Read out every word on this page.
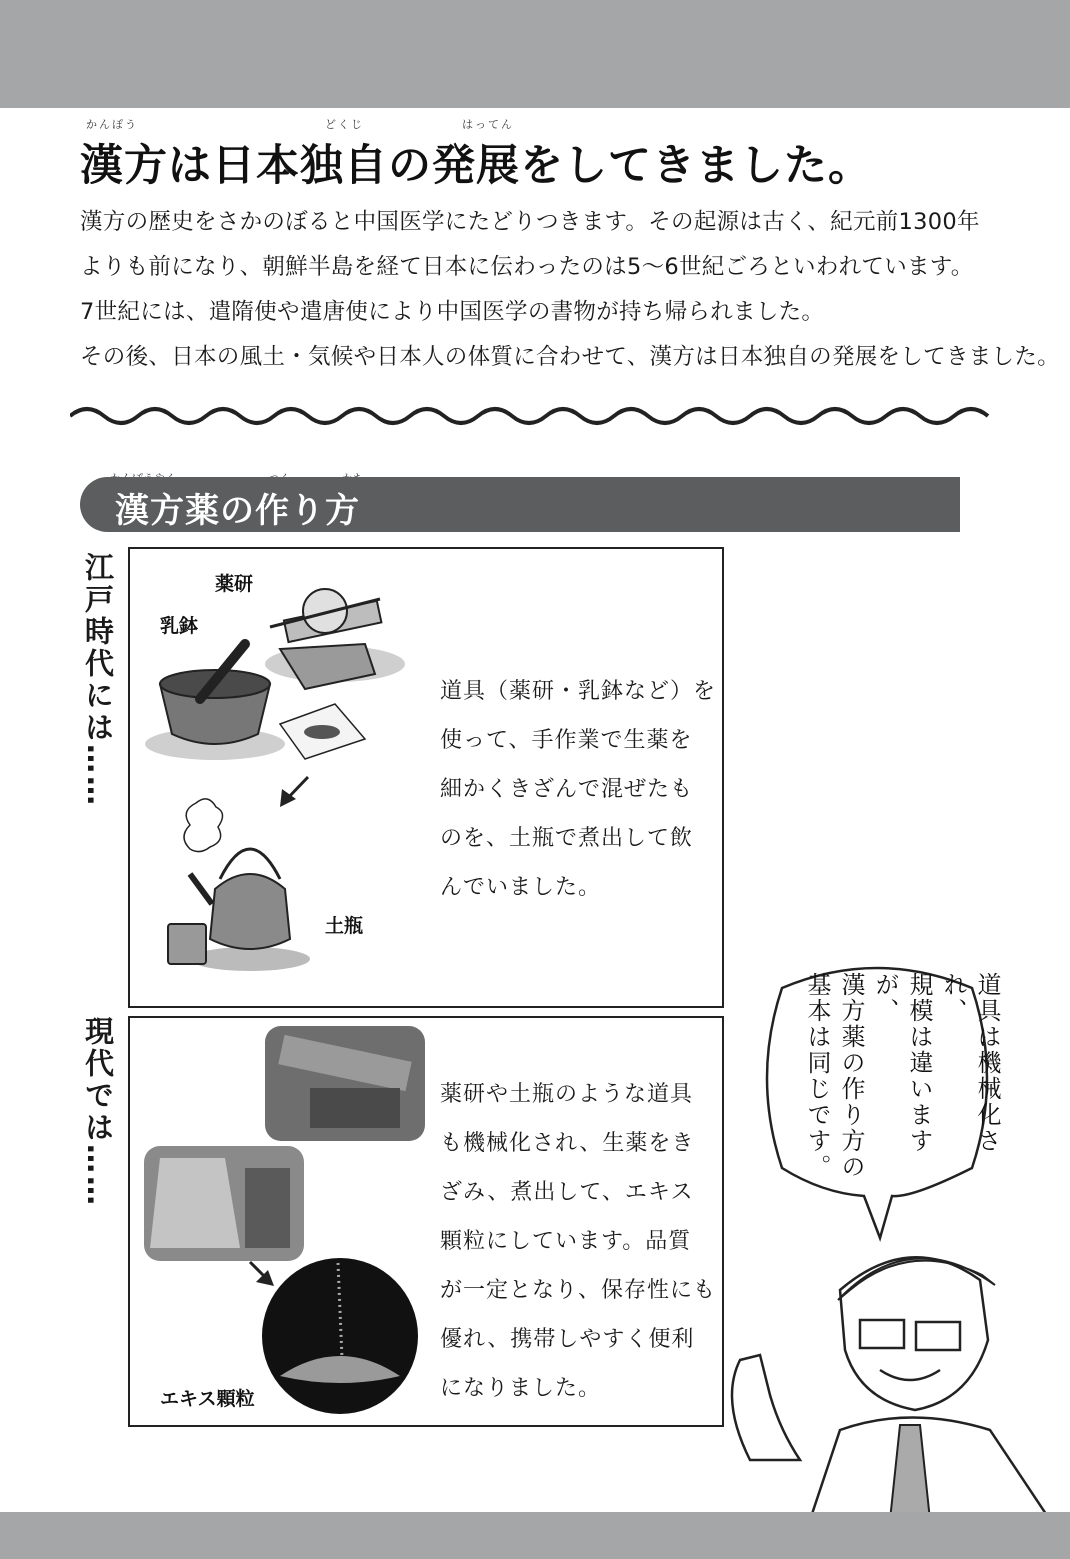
かんぽう	どくじ	はってん
漢方は日本独自の発展をしてきました。

漢方の歴史をさかのぼると中国医学にたどりつきます。その起源は古く、紀元前1300年

よりも前になり、朝鮮半島を経て日本に伝わったのは5〜6世紀ごろといわれています。

7世紀には、遣隋使や遣唐使により中国医学の書物が持ち帰られました。

その後、日本の風土・気候や日本人の体質に合わせて、漢方は日本独自の発展をしてきました。

漢方薬の作り方
江戸時代には……	薬研
乳鉢
土瓶

道具（薬研・乳鉢など）を

使って、手作業で生薬を

細かくきざんで混ぜたも

のを、土瓶で煮出して飲

んでいました。

現代では……
エキス顆粒

薬研や土瓶のような道具

も機械化され、生薬をき

ざみ、煮出して、エキス

顆粒にしています。品質

が一定となり、保存性にも

優れ、携帯しやすく便利

になりました。

道具は機械化され、
規模は違いますが、
漢方薬の作り方の
基本は同じです。
